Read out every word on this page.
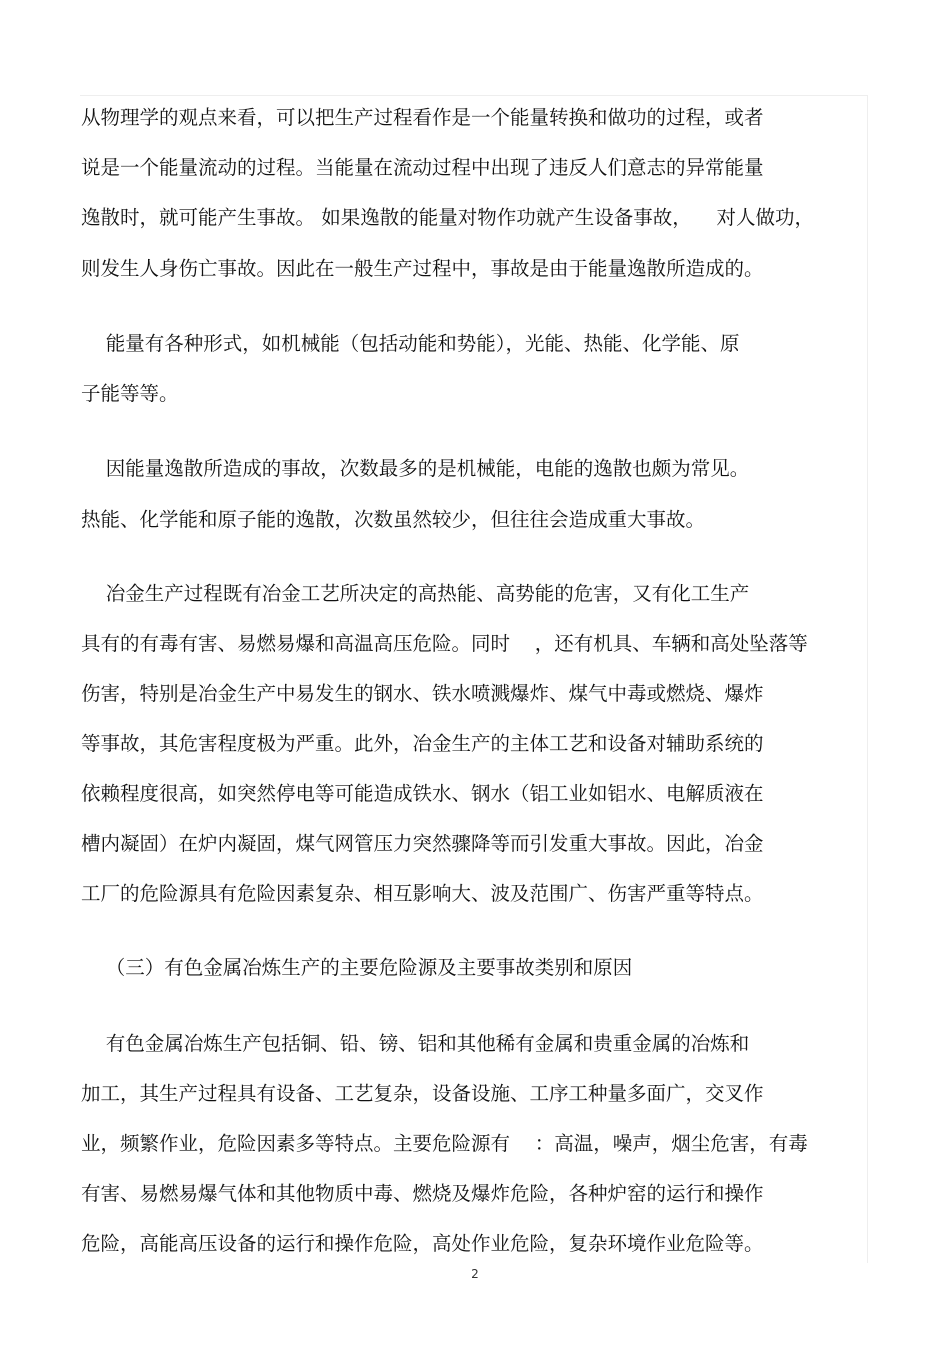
从物理学的观点来看，可以把生产过程看作是一个能量转换和做功的过程，或者

说是一个能量流动的过程。当能量在流动过程中出现了违反人们意志的异常能量

逸散时，就可能产生事故。 如果逸散的能量对物作功就产生设备事故，    对人做功，

则发生人身伤亡事故。因此在一般生产过程中，事故是由于能量逸散所造成的。

能量有各种形式，如机械能（包括动能和势能），光能、热能、化学能、原

子能等等。

因能量逸散所造成的事故，次数最多的是机械能，电能的逸散也颇为常见。

热能、化学能和原子能的逸散，次数虽然较少，但往往会造成重大事故。

冶金生产过程既有冶金工艺所决定的高热能、高势能的危害，又有化工生产

具有的有毒有害、易燃易爆和高温高压危险。同时    ，还有机具、车辆和高处坠落等

伤害，特别是冶金生产中易发生的钢水、铁水喷溅爆炸、煤气中毒或燃烧、爆炸

等事故，其危害程度极为严重。此外，冶金生产的主体工艺和设备对辅助系统的

依赖程度很高，如突然停电等可能造成铁水、钢水（铝工业如铝水、电解质液在

槽内凝固）在炉内凝固，煤气网管压力突然骤降等而引发重大事故。因此，冶金

工厂的危险源具有危险因素复杂、相互影响大、波及范围广、伤害严重等特点。

（三）有色金属冶炼生产的主要危险源及主要事故类别和原因

有色金属冶炼生产包括铜、铅、镑、铝和其他稀有金属和贵重金属的冶炼和

加工，其生产过程具有设备、工艺复杂，设备设施、工序工种量多面广，交叉作

业，频繁作业，危险因素多等特点。主要危险源有    ：高温，噪声，烟尘危害，有毒

有害、易燃易爆气体和其他物质中毒、燃烧及爆炸危险，各种炉窑的运行和操作

危险，高能高压设备的运行和操作危险，高处作业危险，复杂环境作业危险等。

2
